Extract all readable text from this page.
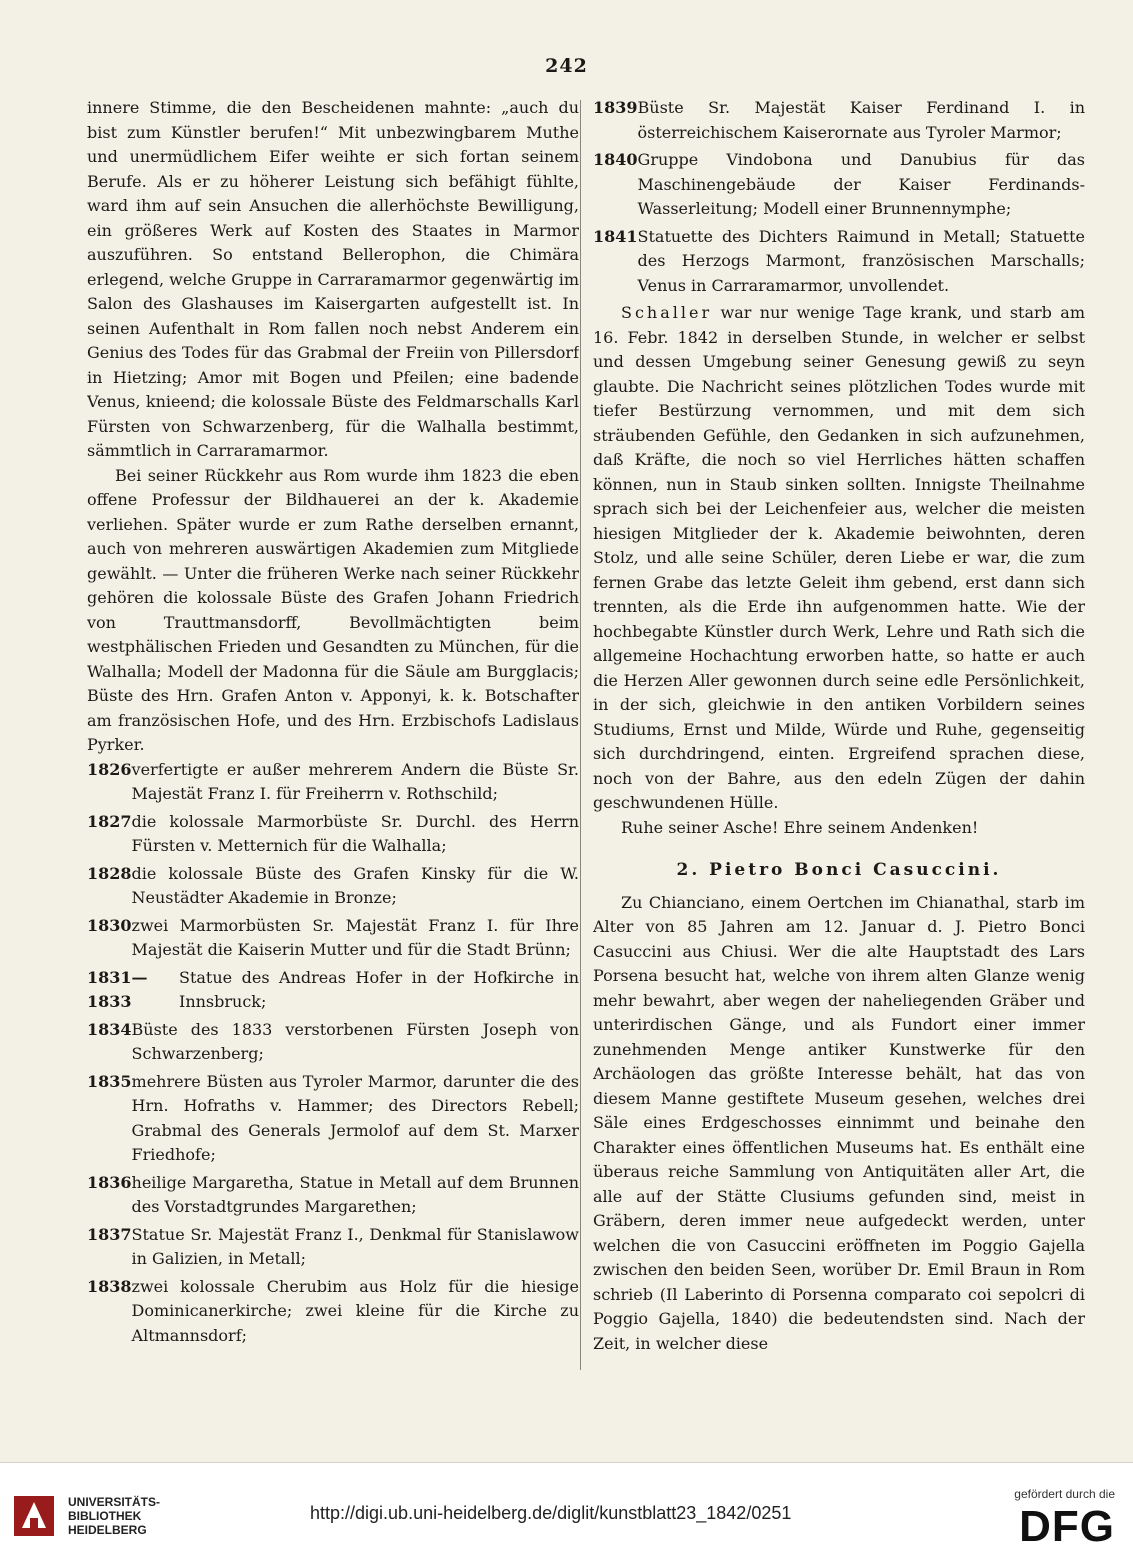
242

innere Stimme, die den Bescheidenen mahnte: „auch du bist zum Künstler berufen!“ Mit unbezwingbarem Muthe und unermüdlichem Eifer weihte er sich fortan seinem Berufe. Als er zu höherer Leistung sich befähigt fühlte, ward ihm auf sein Ansuchen die allerhöchste Bewilligung, ein größeres Werk auf Kosten des Staates in Marmor auszuführen. So entstand Bellerophon, die Chimära erlegend, welche Gruppe in Carraramarmor gegenwärtig im Salon des Glashauses im Kaisergarten aufgestellt ist. In seinen Aufenthalt in Rom fallen noch nebst Anderem ein Genius des Todes für das Grabmal der Freiin von Pillersdorf in Hietzing; Amor mit Bogen und Pfeilen; eine badende Venus, knieend; die kolossale Büste des Feldmarschalls Karl Fürsten von Schwarzenberg, für die Walhalla bestimmt, sämmtlich in Carraramarmor.

Bei seiner Rückkehr aus Rom wurde ihm 1823 die eben offene Professur der Bildhauerei an der k. Akademie verliehen. Später wurde er zum Rathe derselben ernannt, auch von mehreren auswärtigen Akademien zum Mitgliede gewählt. — Unter die früheren Werke nach seiner Rückkehr gehören die kolossale Büste des Grafen Johann Friedrich von Trauttmansdorff, Bevollmächtigten beim westphälischen Frieden und Gesandten zu München, für die Walhalla; Modell der Madonna für die Säule am Burgglacis; Büste des Hrn. Grafen Anton v. Apponyi, k. k. Botschafter am französischen Hofe, und des Hrn. Erzbischofs Ladislaus Pyrker.

1826 verfertigte er außer mehrerem Andern die Büste Sr. Majestät Franz I. für Freiherrn v. Rothschild;
1827 die kolossale Marmorbüste Sr. Durchl. des Herrn Fürsten v. Metternich für die Walhalla;
1828 die kolossale Büste des Grafen Kinsky für die W. Neustädter Akademie in Bronze;
1830 zwei Marmorbüsten Sr. Majestät Franz I. für Ihre Majestät die Kaiserin Mutter und für die Stadt Brünn;
1831—1833
Statue des Andreas Hofer in der Hofkirche in Innsbruck;
1834 Büste des 1833 verstorbenen Fürsten Joseph von Schwarzenberg;
1835 mehrere Büsten aus Tyroler Marmor, darunter die des Hrn. Hofraths v. Hammer; des Directors Rebell; Grabmal des Generals Jermolof auf dem St. Marxer Friedhofe;
1836 heilige Margaretha, Statue in Metall auf dem Brunnen des Vorstadtgrundes Margarethen;
1837 Statue Sr. Majestät Franz I., Denkmal für Stanislawow in Galizien, in Metall;
1838 zwei kolossale Cherubim aus Holz für die hiesige Dominicanerkirche; zwei kleine für die Kirche zu Altmannsdorf;
1839 Büste Sr. Majestät Kaiser Ferdinand I. in österreichischem Kaiserornate aus Tyroler Marmor;
1840 Gruppe Vindobona und Danubius für das Maschinengebäude der Kaiser Ferdinands-Wasserleitung; Modell einer Brunnennymphe;
1841 Statuette des Dichters Raimund in Metall; Statuette des Herzogs Marmont, französischen Marschalls; Venus in Carraramarmor, unvollendet.

Schaller war nur wenige Tage krank, und starb am 16. Febr. 1842 in derselben Stunde, in welcher er selbst und dessen Umgebung seiner Genesung gewiß zu seyn glaubte. Die Nachricht seines plötzlichen Todes wurde mit tiefer Bestürzung vernommen, und mit dem sich sträubenden Gefühle, den Gedanken in sich aufzunehmen, daß Kräfte, die noch so viel Herrliches hätten schaffen können, nun in Staub sinken sollten. Innigste Theilnahme sprach sich bei der Leichenfeier aus, welcher die meisten hiesigen Mitglieder der k. Akademie beiwohnten, deren Stolz, und alle seine Schüler, deren Liebe er war, die zum fernen Grabe das letzte Geleit ihm gebend, erst dann sich trennten, als die Erde ihn aufgenommen hatte. Wie der hochbegabte Künstler durch Werk, Lehre und Rath sich die allgemeine Hochachtung erworben hatte, so hatte er auch die Herzen Aller gewonnen durch seine edle Persönlichkeit, in der sich, gleichwie in den antiken Vorbildern seines Studiums, Ernst und Milde, Würde und Ruhe, gegenseitig sich durchdringend, einten. Ergreifend sprachen diese, noch von der Bahre, aus den edeln Zügen der dahin geschwundenen Hülle.

Ruhe seiner Asche! Ehre seinem Andenken!

2. Pietro Bonci Casuccini.

Zu Chianciano, einem Oertchen im Chianathal, starb im Alter von 85 Jahren am 12. Januar d. J. Pietro Bonci Casuccini aus Chiusi. Wer die alte Hauptstadt des Lars Porsena besucht hat, welche von ihrem alten Glanze wenig mehr bewahrt, aber wegen der naheliegenden Gräber und unterirdischen Gänge, und als Fundort einer immer zunehmenden Menge antiker Kunstwerke für den Archäologen das größte Interesse behält, hat das von diesem Manne gestiftete Museum gesehen, welches drei Säle eines Erdgeschosses einnimmt und beinahe den Charakter eines öffentlichen Museums hat. Es enthält eine überaus reiche Sammlung von Antiquitäten aller Art, die alle auf der Stätte Clusiums gefunden sind, meist in Gräbern, deren immer neue aufgedeckt werden, unter welchen die von Casuccini eröffneten im Poggio Gajella zwischen den beiden Seen, worüber Dr. Emil Braun in Rom schrieb (Il Laberinto di Porsenna comparato coi sepolcri di Poggio Gajella, 1840) die bedeutendsten sind. Nach der Zeit, in welcher diese

UNIVERSITÄTS-
BIBLIOTHEK
HEIDELBERG
http://digi.ub.uni-heidelberg.de/diglit/kunstblatt23_1842/0251
gefördert durch die
DFG
